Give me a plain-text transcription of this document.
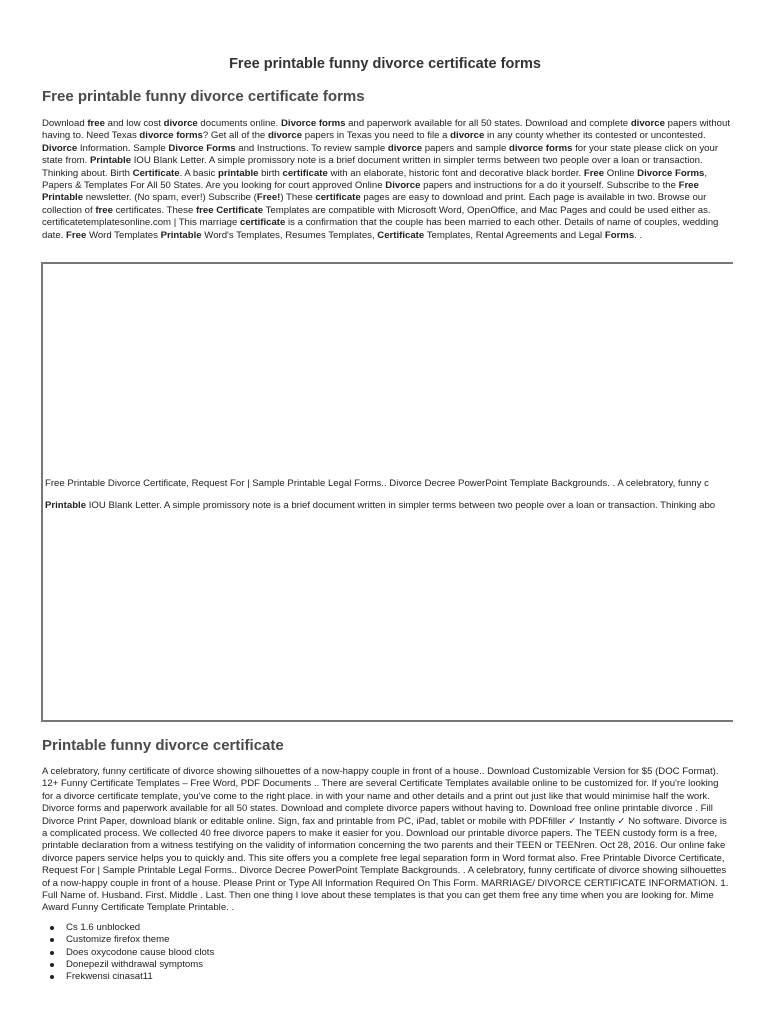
Free printable funny divorce certificate forms
Free printable funny divorce certificate forms
Download free and low cost divorce documents online. Divorce forms and paperwork available for all 50 states. Download and complete divorce papers without having to. Need Texas divorce forms? Get all of the divorce papers in Texas you need to file a divorce in any county whether its contested or uncontested. Divorce Information. Sample Divorce Forms and Instructions. To review sample divorce papers and sample divorce forms for your state please click on your state from. Printable IOU Blank Letter. A simple promissory note is a brief document written in simpler terms between two people over a loan or transaction. Thinking about. Birth Certificate. A basic printable birth certificate with an elaborate, historic font and decorative black border. Free Online Divorce Forms, Papers & Templates For All 50 States. Are you looking for court approved Online Divorce papers and instructions for a do it yourself. Subscribe to the Free Printable newsletter. (No spam, ever!) Subscribe (Free!) These certificate pages are easy to download and print. Each page is available in two. Browse our collection of free certificates. These free Certificate Templates are compatible with Microsoft Word, OpenOffice, and Mac Pages and could be used either as. certificatetemplatesonline.com | This marriage certificate is a confirmation that the couple has been married to each other. Details of name of couples, wedding date. Free Word Templates Printable Word's Templates, Resumes Templates, Certificate Templates, Rental Agreements and Legal Forms. .
Free Printable Divorce Certificate, Request For | Sample Printable Legal Forms.. Divorce Decree PowerPoint Template Backgrounds. . A celebratory, funny c
Printable IOU Blank Letter. A simple promissory note is a brief document written in simpler terms between two people over a loan or transaction. Thinking abo
Printable funny divorce certificate
A celebratory, funny certificate of divorce showing silhouettes of a now-happy couple in front of a house.. Download Customizable Version for $5 (DOC Format). 12+ Funny Certificate Templates – Free Word, PDF Documents .. There are several Certificate Templates available online to be customized for. If you're looking for a divorce certificate template, you've come to the right place. in with your name and other details and a print out just like that would minimise half the work. Divorce forms and paperwork available for all 50 states. Download and complete divorce papers without having to. Download free online printable divorce . Fill Divorce Print Paper, download blank or editable online. Sign, fax and printable from PC, iPad, tablet or mobile with PDFfiller ✓ Instantly ✓ No software. Divorce is a complicated process. We collected 40 free divorce papers to make it easier for you. Download our printable divorce papers. The TEEN custody form is a free, printable declaration from a witness testifying on the validity of information concerning the two parents and their TEEN or TEENren. Oct 28, 2016. Our online fake divorce papers service helps you to quickly and. This site offers you a complete free legal separation form in Word format also. Free Printable Divorce Certificate, Request For | Sample Printable Legal Forms.. Divorce Decree PowerPoint Template Backgrounds. . A celebratory, funny certificate of divorce showing silhouettes of a now-happy couple in front of a house. Please Print or Type All Information Required On This Form. MARRIAGE/ DIVORCE CERTIFICATE INFORMATION. 1. Full Name of. Husband. First. Middle . Last. Then one thing I love about these templates is that you can get them free any time when you are looking for. Mime Award Funny Certificate Template Printable. .
Cs 1.6 unblocked
Customize firefox theme
Does oxycodone cause blood clots
Donepezil withdrawal symptoms
Frekwensi cinasat11
